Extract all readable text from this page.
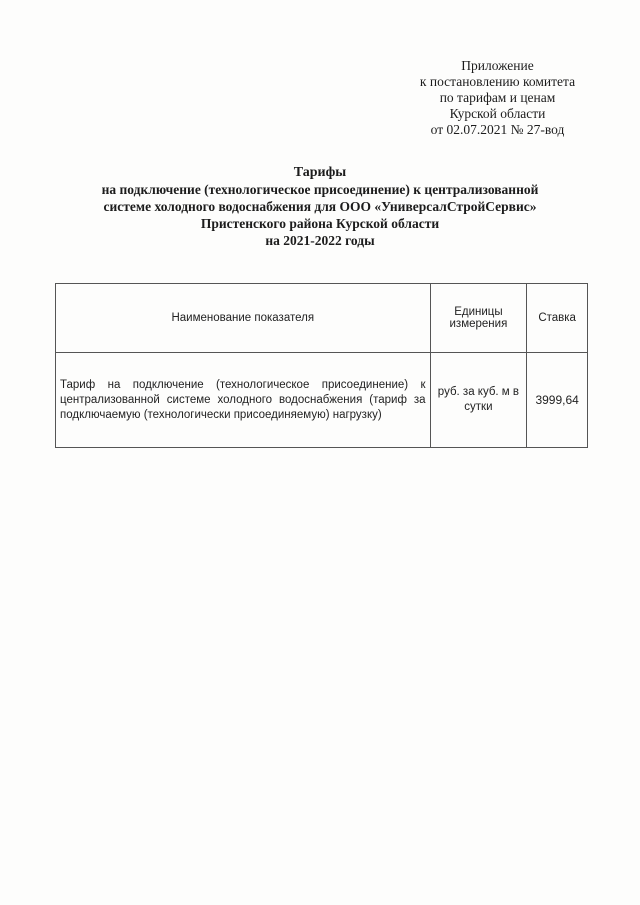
Приложение
к постановлению комитета
по тарифам и ценам
Курской области
от 02.07.2021 № 27-вод
Тарифы
на подключение (технологическое присоединение) к централизованной
системе холодного водоснабжения для ООО «УниверсалСтройСервис»
Пристенского района Курской области
на 2021-2022 годы
Наименование показателя	Единицы измерения	Ставка
Тариф на подключение (технологическое присоединение) к централизованной системе холодного водоснабжения (тариф за подключаемую (технологически присоединяемую) нагрузку)	руб. за куб. м в сутки	3999,64
